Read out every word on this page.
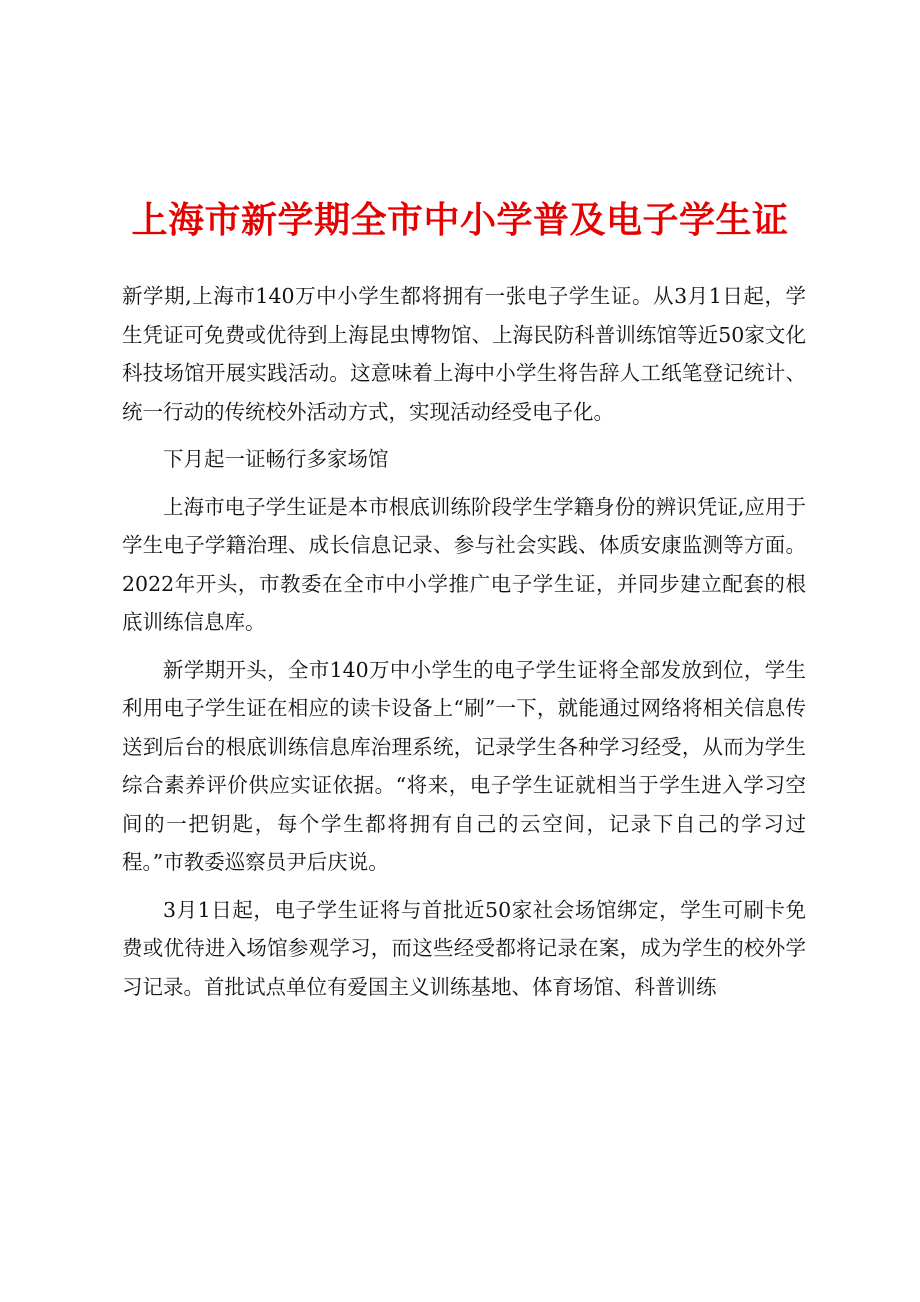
上海市新学期全市中小学普及电子学生证

新学期,上海市140万中小学生都将拥有一张电子学生证。从3月1日起，学生凭证可免费或优待到上海昆虫博物馆、上海民防科普训练馆等近50家文化科技场馆开展实践活动。这意味着上海中小学生将告辞人工纸笔登记统计、统一行动的传统校外活动方式，实现活动经受电子化。

下月起一证畅行多家场馆

上海市电子学生证是本市根底训练阶段学生学籍身份的辨识凭证,应用于学生电子学籍治理、成长信息记录、参与社会实践、体质安康监测等方面。2022年开头，市教委在全市中小学推广电子学生证，并同步建立配套的根底训练信息库。

新学期开头，全市140万中小学生的电子学生证将全部发放到位，学生利用电子学生证在相应的读卡设备上“刷”一下，就能通过网络将相关信息传送到后台的根底训练信息库治理系统，记录学生各种学习经受，从而为学生综合素养评价供应实证依据。“将来，电子学生证就相当于学生进入学习空间的一把钥匙，每个学生都将拥有自己的云空间，记录下自己的学习过程。”市教委巡察员尹后庆说。

3月1日起，电子学生证将与首批近50家社会场馆绑定，学生可刷卡免费或优待进入场馆参观学习，而这些经受都将记录在案，成为学生的校外学习记录。首批试点单位有爱国主义训练基地、体育场馆、科普训练
